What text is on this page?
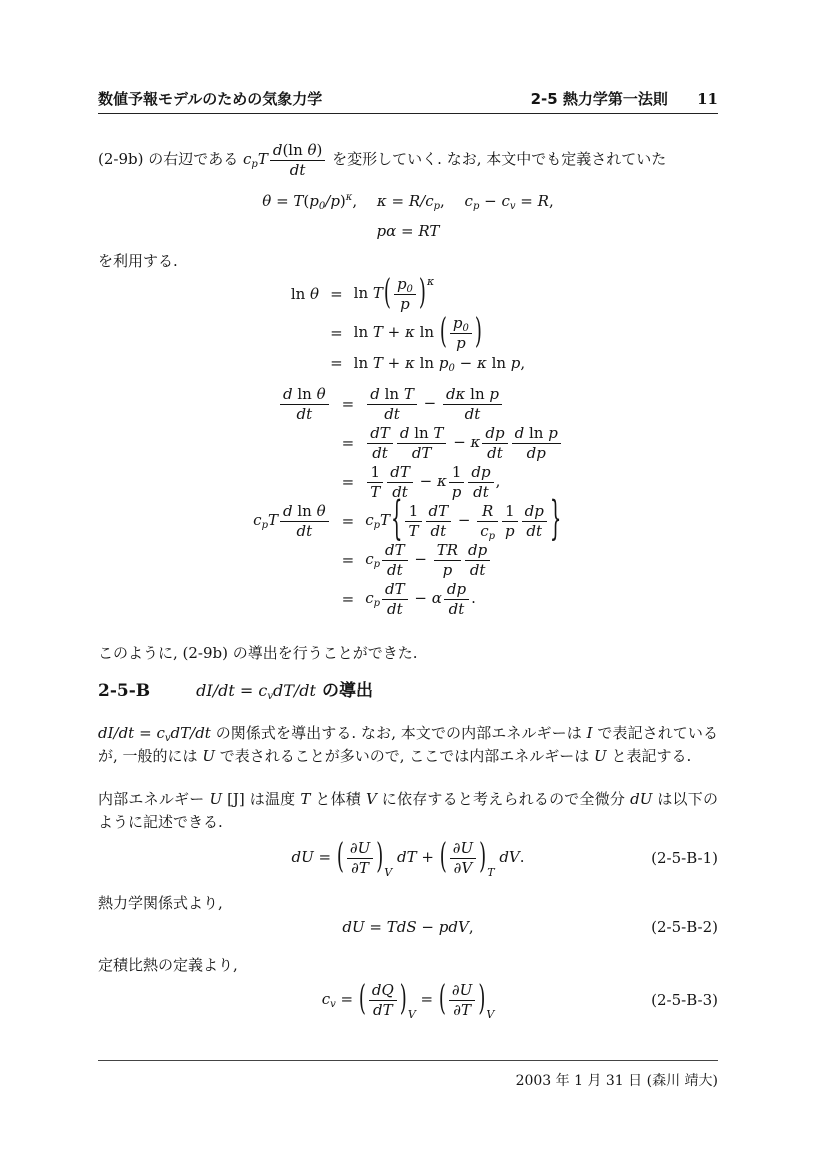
数値予報モデルのための気象力学	2-5 熱力学第一法則 11

(2-9b) の右辺である $c_pT \frac{\text{d(ln θ)}}{dt}$ を変形していく. なお, 本文中でも定義されていた

$\theta = T(p_0/p)^\kappa$,  $\kappa = R/c_p$,  $c_p - c_v = R$,
pα = RT

を利用する.

$\ln \theta = \ln T( \frac{p_0}{p} )^\kappa$
= ln T + κ ln ( $\frac{p_0}{p}$ )
= ln T + κ $\ln p_0 - \kappa$ ln p,
$\frac{\text{d ln θ}}{dt} = \frac{\text{d ln T}}{dt} - \frac{\text{dκ ln p}}{dt}$
= $\frac{dT}{dt} \frac{\text{d ln T}}{dT} - \kappa \frac{dp}{dt} \frac{\text{d ln p}}{dp}$
= $\frac{1}{T} \frac{dT}{dt} - \kappa \frac{1}{p} \frac{dp}{dt}$ ,
$c_pT \frac{\text{d ln θ}}{dt} = c_pT\{ \frac{1}{T} \frac{dT}{dt} - \frac{R}{c_p} \frac{1}{p} \frac{dp}{dt}$ }
= $c_p \frac{dT}{dt} - \frac{TR}{p} \frac{dp}{dt}$
= $c_p \frac{dT}{dt} - \alpha \frac{dp}{dt}$ .

このように, (2-9b) の導出を行うことができた.

2-5-B	$dI/dt = c_vdT/dt$ の導出

$dI/dt = c_vdT/dt$ の関係式を導出する. なお, 本文での内部エネルギーは I で表記されているが, 一般的には U で表されることが多いので, ここでは内部エネルギーは U と表記する.

内部エネルギー U [J] は温度 T と体積 V に依存すると考えられるので全微分 dU は以下のように記述できる.

dU = ( $\frac{\partial U}{\partial T} )_V$ dT + ( $\frac{\partial U}{\partial V} )_T$ dV.	(2-5-B-1)

熱力学関係式より,

dU = TdS − pdV,	(2-5-B-2)

定積比熱の定義より,

$c_v$ = ( $\frac{dQ}{dT} )_V$ = ( $\frac{\partial U}{\partial T} )_V$
(2-5-B-3)
2003 年 1 月 31 日 (森川 靖大)
